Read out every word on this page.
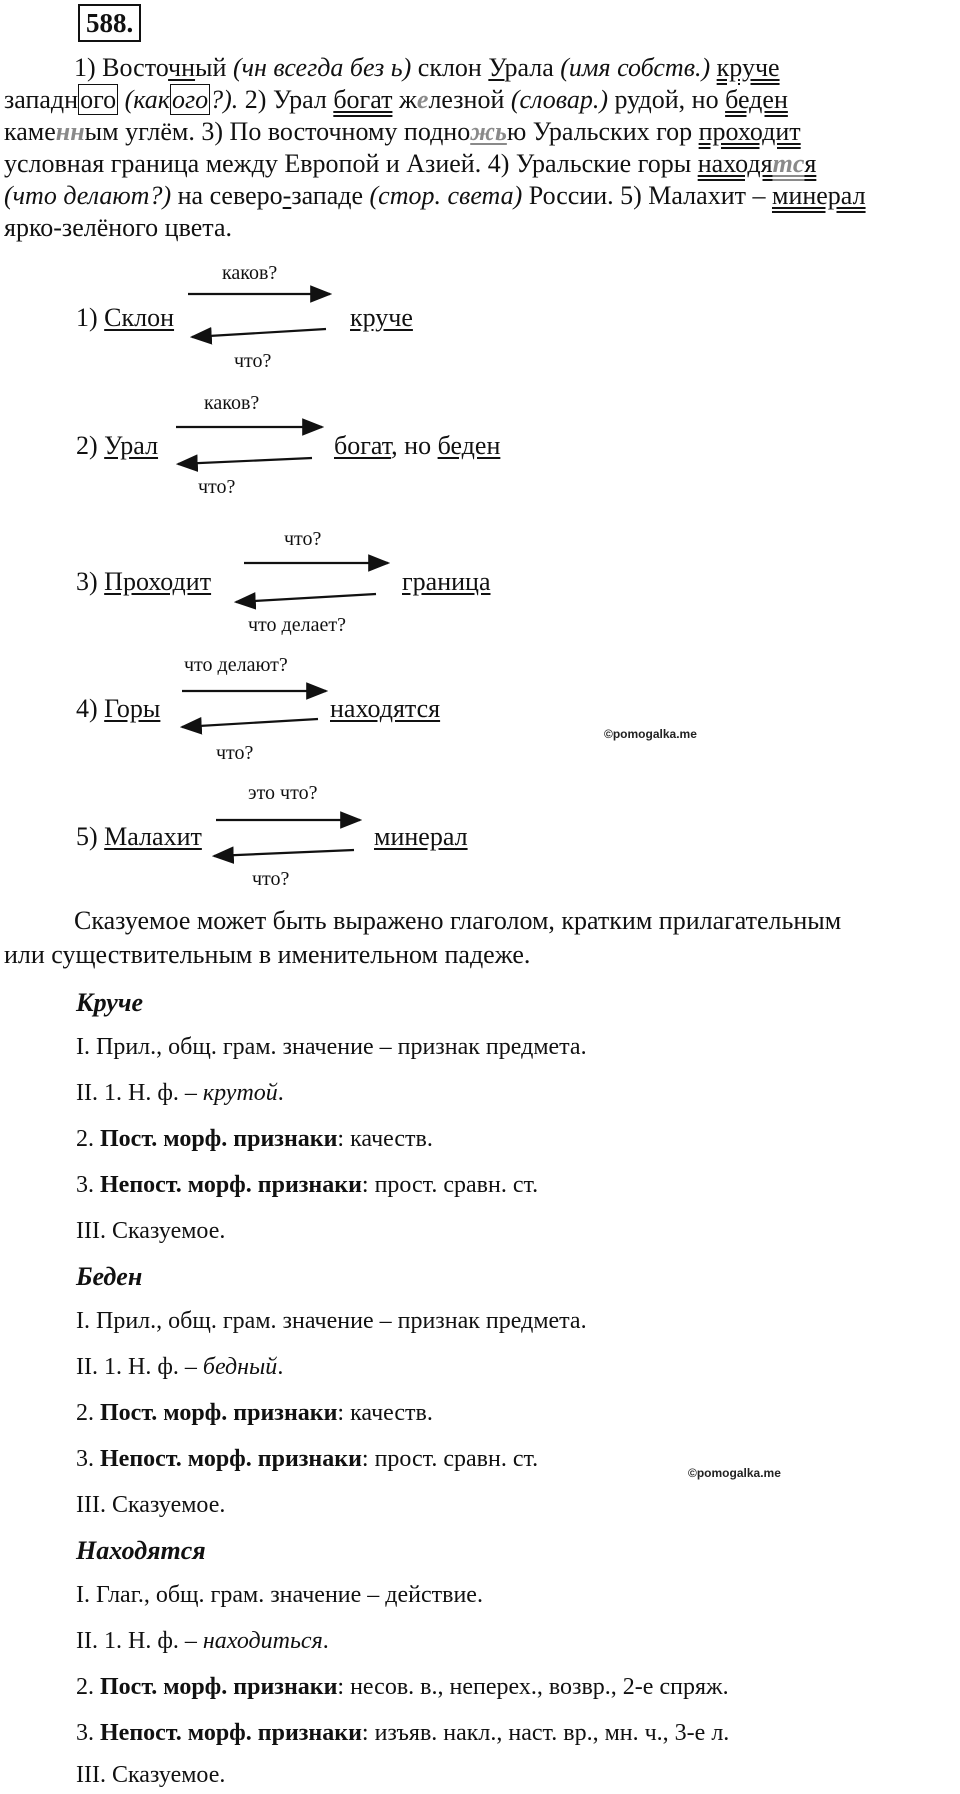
588.
1) Восточный (чн всегда без ь) склон Урала (имя собств.) круче
западного (какого?). 2) Урал богат железной (словар.) рудой, но беден
каменным углём. 3) По восточному подножью Уральских гор проходит
условная граница между Европой и Азией. 4) Уральские горы находятся
(что делают?) на северо-западе (стор. света) России. 5) Малахит – минерал
ярко-зелёного цвета.
каков?
1) Склон	круче
что?
каков?
2) Урал	богат, но беден
что?
что?
3) Проходит	граница
что делает?
что делают?
4) Горы	находятся
что?
это что?
5) Малахит	минерал
что?
©pomogalka.me
Сказуемое может быть выражено глаголом, кратким прилагательным
или существительным в именительном падеже.
Круче
I. Прил., общ. грам. значение – признак предмета.
II. 1. Н. ф. – крутой.
2. Пост. морф. признаки: качеств.
3. Непост. морф. признаки: прост. сравн. ст.
III. Сказуемое.
Беден
I. Прил., общ. грам. значение – признак предмета.
II. 1. Н. ф. – бедный.
2. Пост. морф. признаки: качеств.
3. Непост. морф. признаки: прост. сравн. ст.
III. Сказуемое.
©pomogalka.me
Находятся
I. Глаг., общ. грам. значение – действие.
II. 1. Н. ф. – находиться.
2. Пост. морф. признаки: несов. в., неперех., возвр., 2-е спряж.
3. Непост. морф. признаки: изъяв. накл., наст. вр., мн. ч., 3-е л.
III. Сказуемое.
